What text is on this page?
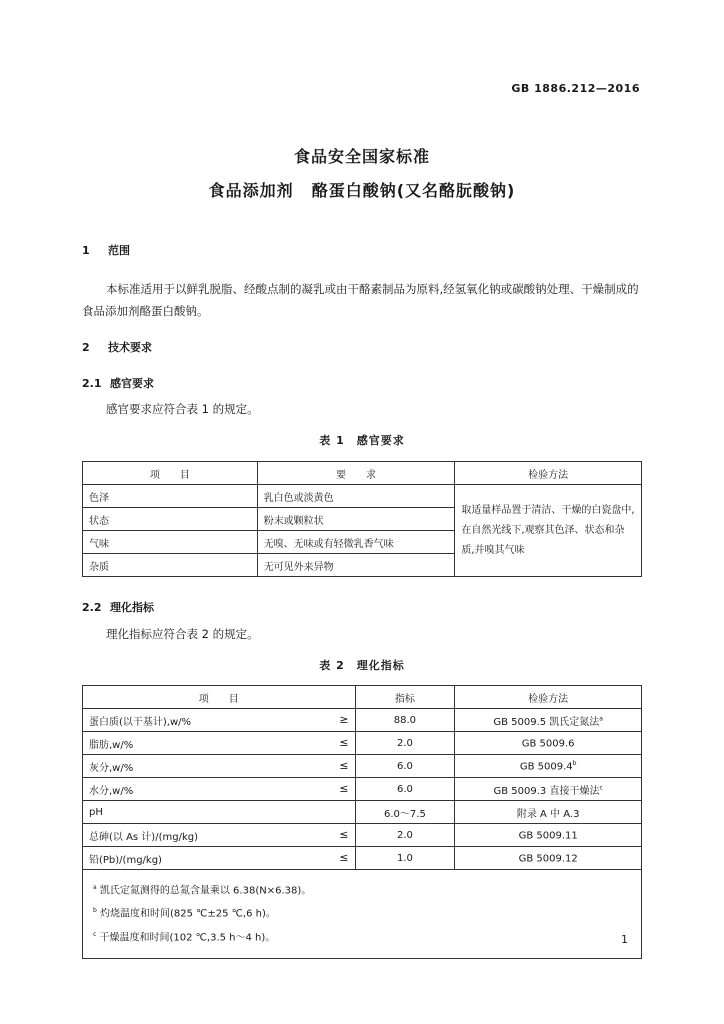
GB 1886.212—2016
食品安全国家标准
食品添加剂 酪蛋白酸钠(又名酪朊酸钠)
1 范围
本标准适用于以鲜乳脱脂、经酸点制的凝乳或由干酪素制品为原料,经氢氧化钠或碳酸钠处理、干燥制成的食品添加剂酪蛋白酸钠。
2 技术要求
2.1 感官要求
感官要求应符合表 1 的规定。
表 1 感官要求
项　　目	要　　求	检验方法
色泽	乳白色或淡黄色	取适量样品置于清洁、干燥的白瓷盘中,在自然光线下,观察其色泽、状态和杂质,并嗅其气味
状态	粉末或颗粒状	
气味	无嗅、无味或有轻微乳香气味	
杂质	无可见外来异物	
2.2 理化指标
理化指标应符合表 2 的规定。
表 2 理化指标
项　　目	指标	检验方法
蛋白质(以干基计),w/% ≥	88.0	GB 5009.5 凯氏定氮法$^a$
脂肪,w/% ≤	2.0	GB 5009.6
灰分,w/% ≤	6.0	GB 5009.4$^b$
水分,w/% ≤	6.0	GB 5009.3 直接干燥法$^c$
pH	6.0～7.5	附录 A 中 A.3
总砷(以 As 计)/(mg/kg) ≤	2.0	GB 5009.11
铅(Pb)/(mg/kg) ≤	1.0	GB 5009.12

$^a$ 凯氏定氮测得的总氮含量乘以 6.38(N×6.38)。
$^b$ 灼烧温度和时间(825 ℃±25 ℃,6 h)。
$^c$ 干燥温度和时间(102 ℃,3.5 h～4 h)。			1
